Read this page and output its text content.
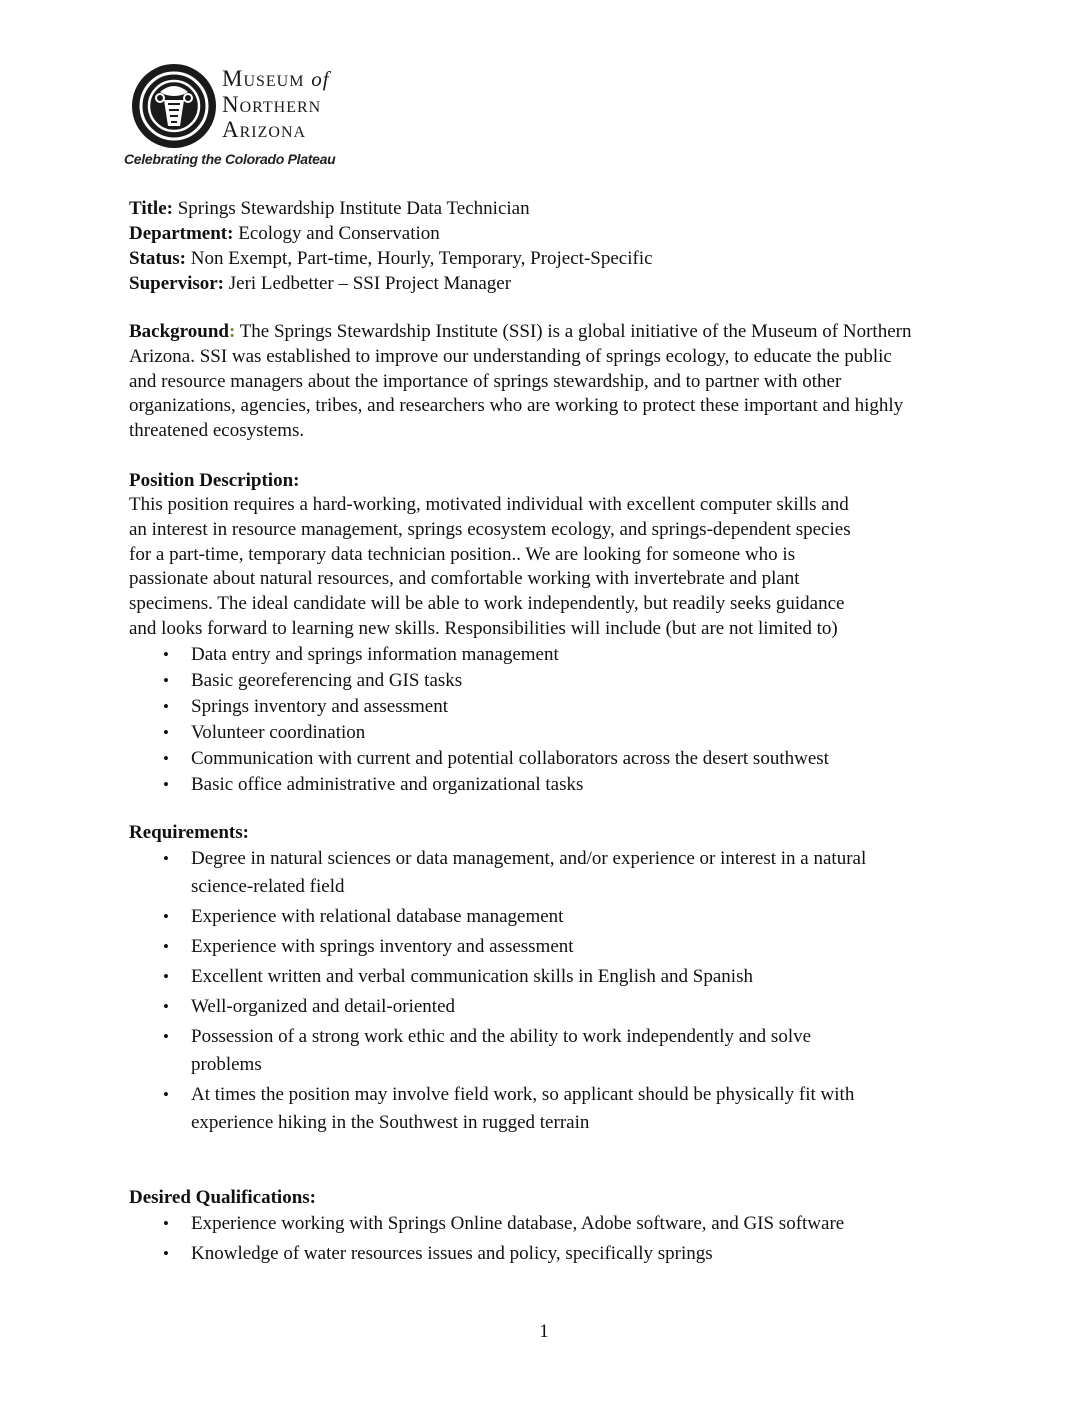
Museum of
Northern
Arizona
Celebrating the Colorado Plateau
Title: Springs Stewardship Institute Data Technician
Department: Ecology and Conservation
Status: Non Exempt, Part-time, Hourly, Temporary, Project-Specific
Supervisor: Jeri Ledbetter – SSI Project Manager
Background: The Springs Stewardship Institute (SSI) is a global initiative of the Museum of Northern
Arizona. SSI was established to improve our understanding of springs ecology, to educate the public
and resource managers about the importance of springs stewardship, and to partner with other
organizations, agencies, tribes, and researchers who are working to protect these important and highly
threatened ecosystems.
Position Description:
This position requires a hard-working, motivated individual with excellent computer skills and
an interest in resource management, springs ecosystem ecology, and springs-dependent species
for a part-time, temporary data technician position.. We are looking for someone who is
passionate about natural resources, and comfortable working with invertebrate and plant
specimens. The ideal candidate will be able to work independently, but readily seeks guidance
and looks forward to learning new skills. Responsibilities will include (but are not limited to)
• Data entry and springs information management
• Basic georeferencing and GIS tasks
• Springs inventory and assessment
• Volunteer coordination
• Communication with current and potential collaborators across the desert southwest
• Basic office administrative and organizational tasks
Requirements:
• Degree in natural sciences or data management, and/or experience or interest in a natural
science-related field
• Experience with relational database management
• Experience with springs inventory and assessment
• Excellent written and verbal communication skills in English and Spanish
• Well-organized and detail-oriented
• Possession of a strong work ethic and the ability to work independently and solve
problems
• At times the position may involve field work, so applicant should be physically fit with
experience hiking in the Southwest in rugged terrain
Desired Qualifications:
• Experience working with Springs Online database, Adobe software, and GIS software
• Knowledge of water resources issues and policy, specifically springs
1
